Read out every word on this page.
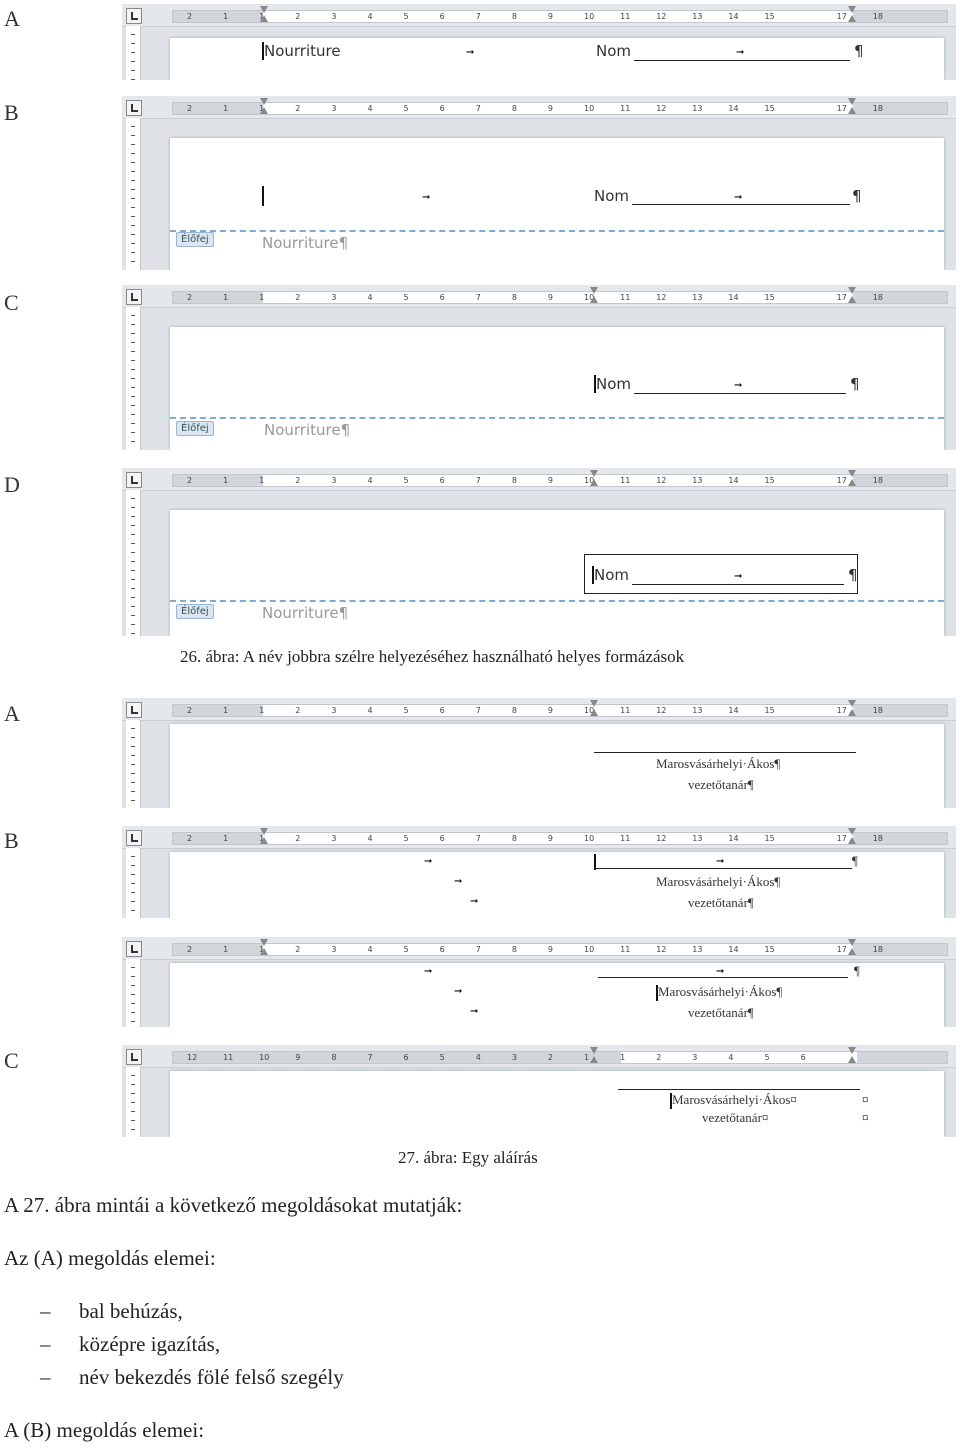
A	2	1	1	2	3	4	5	6	7	8	9	10	11	12	13	14	15	17	18
Nourriture	➞	Nom	➞	¶
B	2	1	1	2	3	4	5	6	7	8	9	10	11	12	13	14	15	17	18
➞	Nom	➞	¶
Élőfej	Nourriture¶
C	2	1	1	2	3	4	5	6	7	8	9	10	11	12	13	14	15	17	18
Nom	➞	¶
Élőfej	Nourriture¶
D	2	1	1	2	3	4	5	6	7	8	9	10	11	12	13	14	15	17	18
Nom	➞	¶
Élőfej	Nourriture¶
26. ábra: A név jobbra szélre helyezéséhez használható helyes formázások
A	2	1	1	2	3	4	5	6	7	8	9	10	11	12	13	14	15	17	18
Marosvásárhelyi·Ákos¶
vezetőtanár¶
B	2	1	1	2	3	4	5	6	7	8	9	10	11	12	13	14	15	17	18
➞
➞
➞
➞	¶
Marosvásárhelyi·Ákos¶
vezetőtanár¶
2	1	1	2	3	4	5	6	7	8	9	10	11	12	13	14	15	17	18
➞
➞
➞
➞	¶
Marosvásárhelyi·Ákos¶
vezetőtanár¶
C	12	11	10	9	8	7	6	5	4	3	2	1	1	2	3	4	5	6
Marosvásárhelyi·Ákos¤
vezetőtanár¤
¤
¤
27. ábra: Egy aláírás
A 27. ábra mintái a következő megoldásokat mutatják:
Az (A) megoldás elemei:
– bal behúzás,
– középre igazítás,
– név bekezdés fölé felső szegély
A (B) megoldás elemei:
